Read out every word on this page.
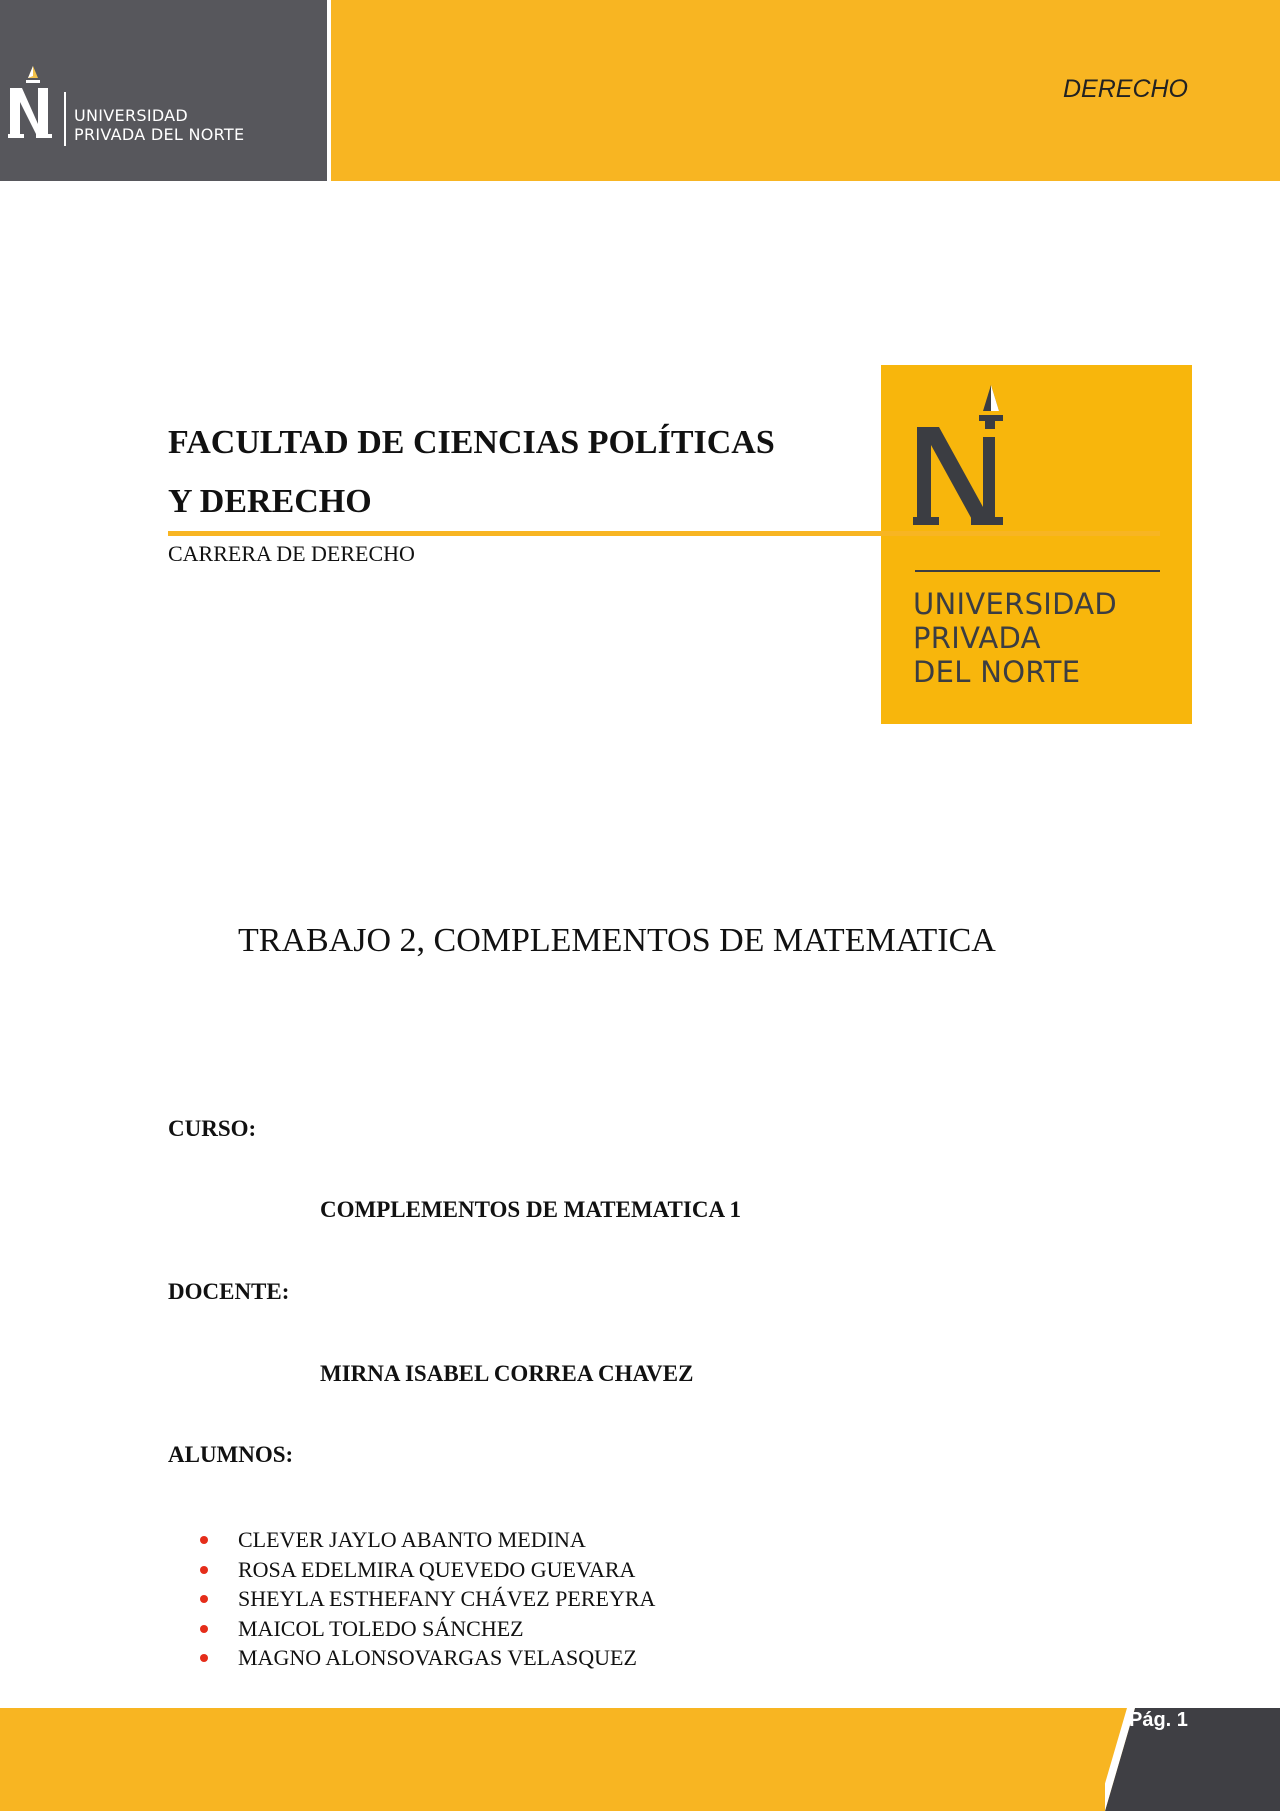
UNIVERSIDAD
PRIVADA DEL NORTE
DERECHO
FACULTAD DE CIENCIAS POLÍTICAS
Y DERECHO
UNIVERSIDAD
PRIVADA
DEL NORTE
CARRERA DE DERECHO
TRABAJO 2, COMPLEMENTOS DE MATEMATICA
CURSO:
COMPLEMENTOS DE MATEMATICA 1
DOCENTE:
MIRNA ISABEL CORREA CHAVEZ
ALUMNOS:
CLEVER JAYLO ABANTO MEDINA
ROSA EDELMIRA QUEVEDO GUEVARA
SHEYLA ESTHEFANY CHÁVEZ PEREYRA
MAICOL TOLEDO SÁNCHEZ
MAGNO ALONSOVARGAS VELASQUEZ
Pág. 1
